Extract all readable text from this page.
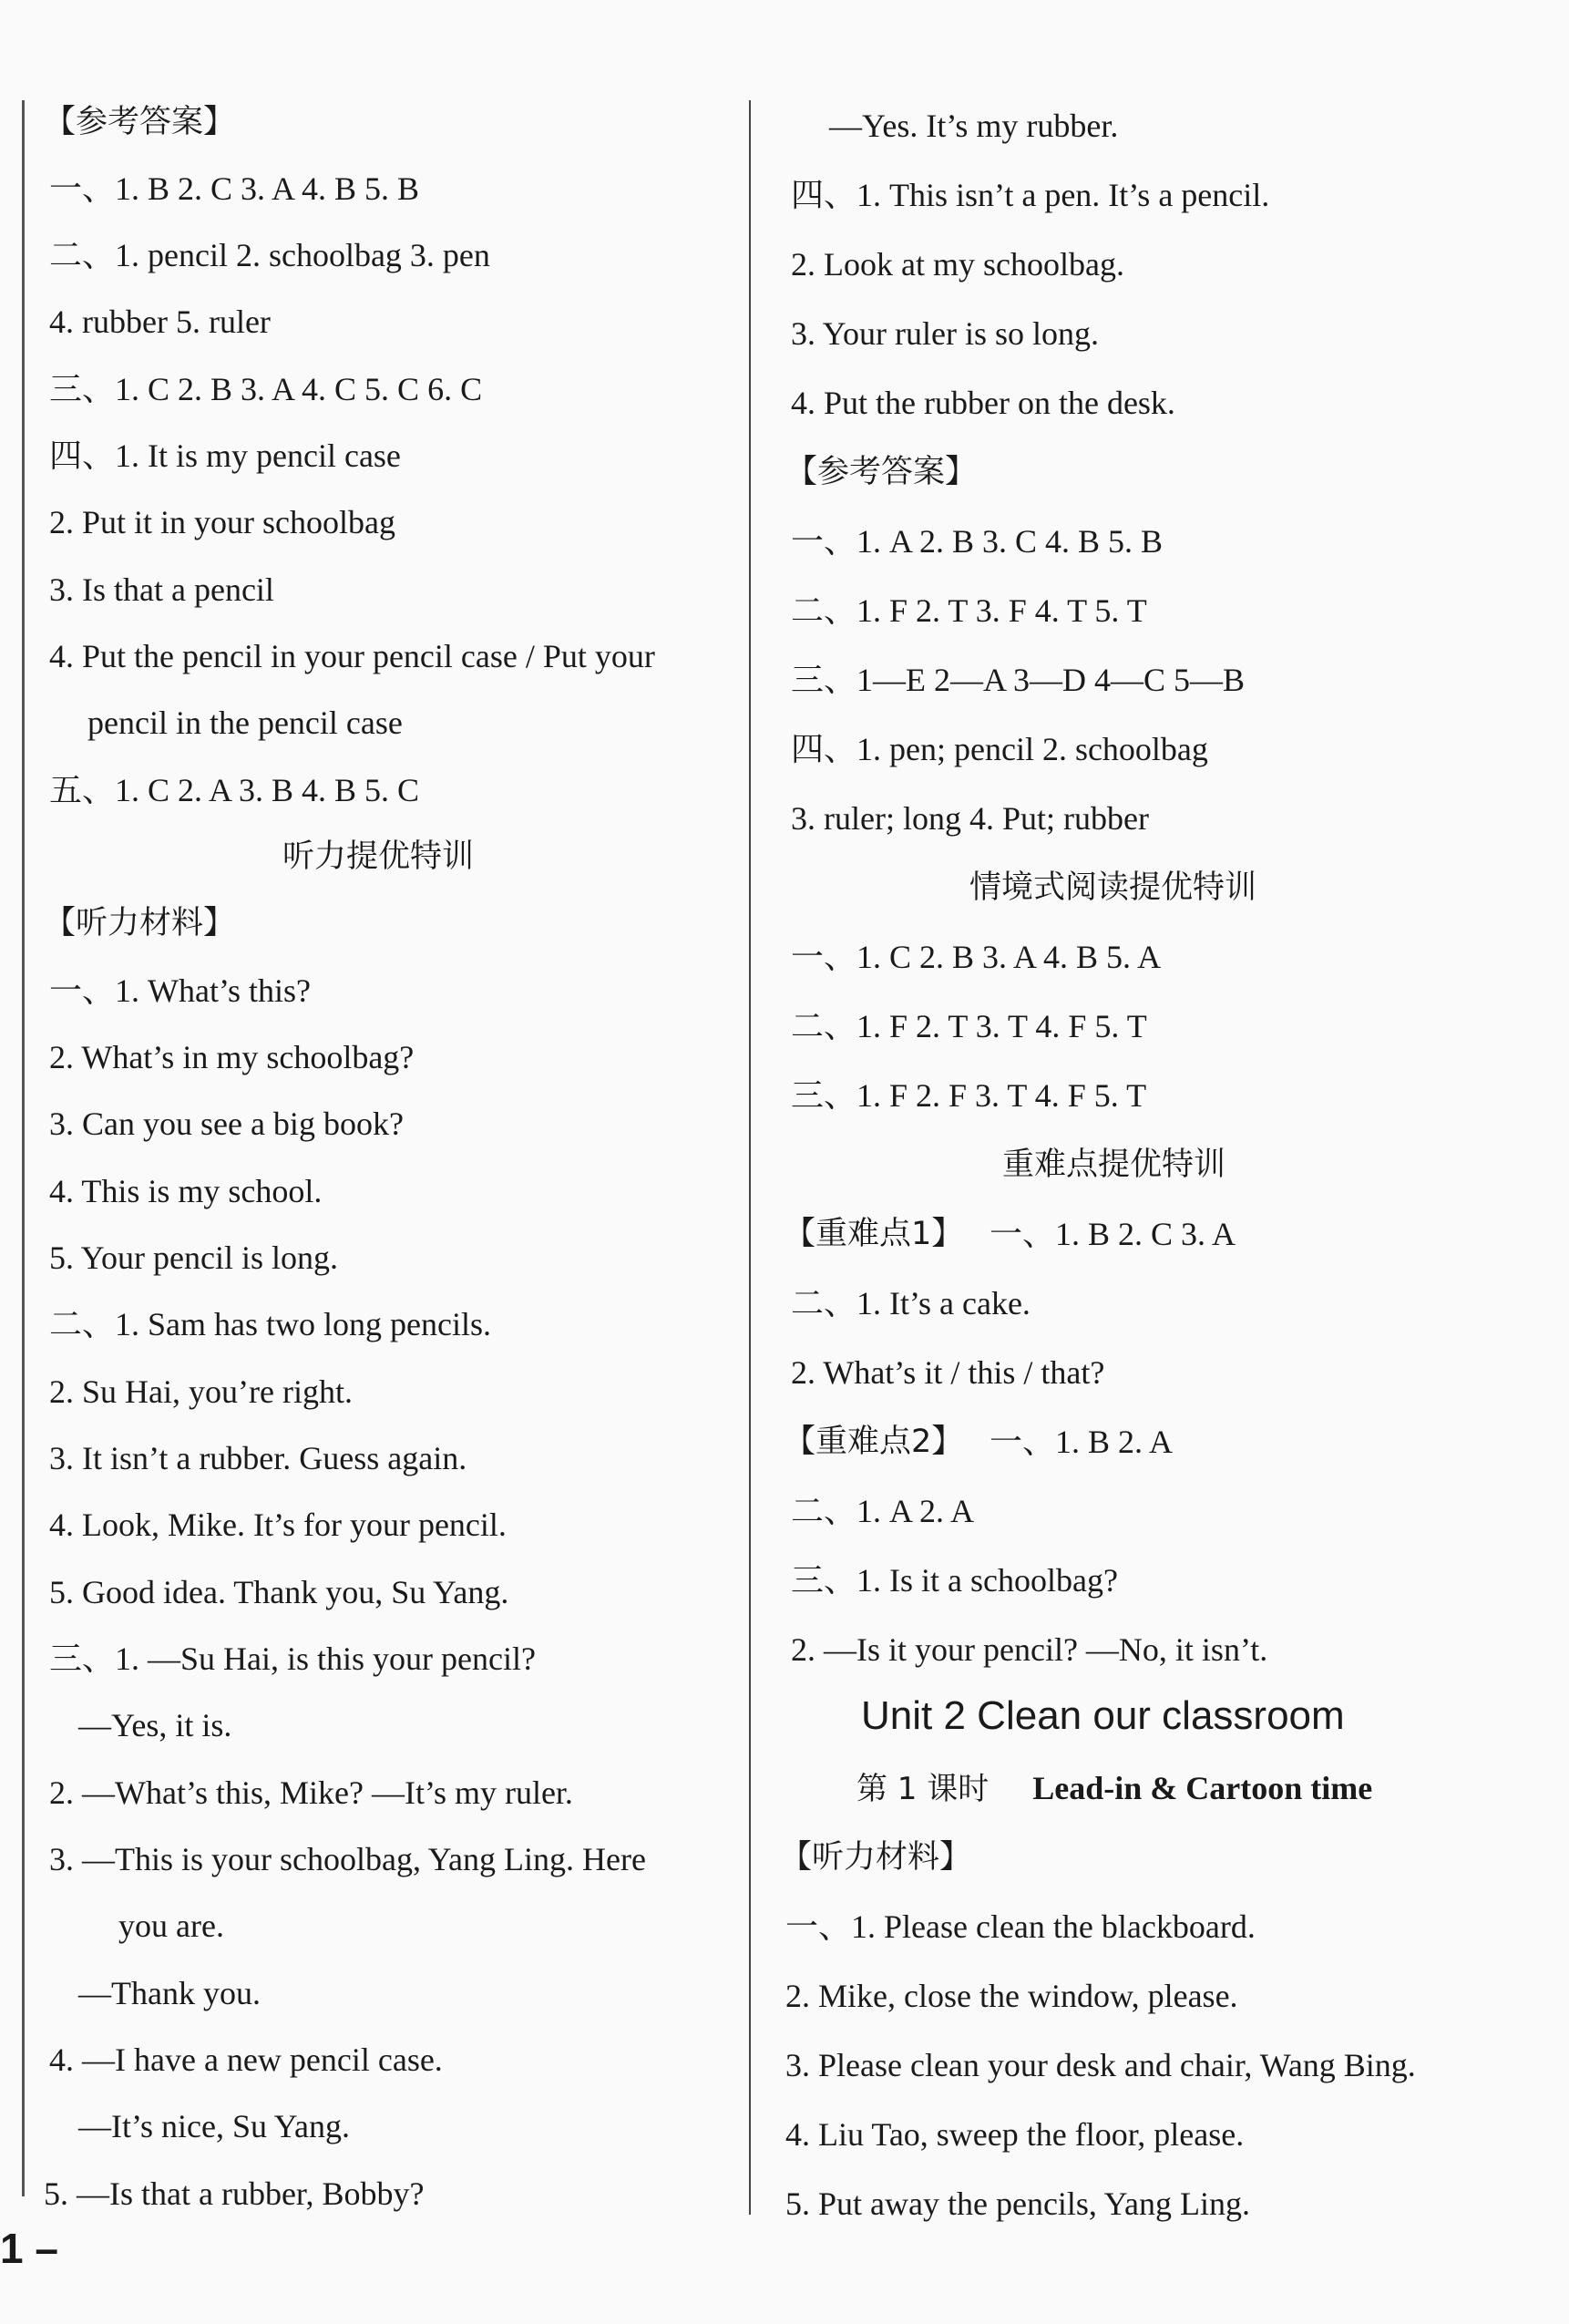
【参考答案】
一、1. B 2. C 3. A 4. B 5. B
二、1. pencil 2. schoolbag 3. pen
4. rubber 5. ruler
三、1. C 2. B 3. A 4. C 5. C 6. C
四、1. It is my pencil case
2. Put it in your schoolbag
3. Is that a pencil
4. Put the pencil in your pencil case / Put your
pencil in the pencil case
五、1. C 2. A 3. B 4. B 5. C
听力提优特训
【听力材料】
一、1. What’s this?
2. What’s in my schoolbag?
3. Can you see a big book?
4. This is my school.
5. Your pencil is long.
二、1. Sam has two long pencils.
2. Su Hai, you’re right.
3. It isn’t a rubber. Guess again.
4. Look, Mike. It’s for your pencil.
5. Good idea. Thank you, Su Yang.
三、1. —Su Hai, is this your pencil?
—Yes, it is.
2. —What’s this, Mike? —It’s my ruler.
3. —This is your schoolbag, Yang Ling. Here
you are.
—Thank you.
4. —I have a new pencil case.
—It’s nice, Su Yang.
5. —Is that a rubber, Bobby?
—Yes. It’s my rubber.
四、1. This isn’t a pen. It’s a pencil.
2. Look at my schoolbag.
3. Your ruler is so long.
4. Put the rubber on the desk.
【参考答案】
一、1. A 2. B 3. C 4. B 5. B
二、1. F 2. T 3. F 4. T 5. T
三、1—E 2—A 3—D 4—C 5—B
四、1. pen; pencil 2. schoolbag
3. ruler; long 4. Put; rubber
情境式阅读提优特训
一、1. C 2. B 3. A 4. B 5. A
二、1. F 2. T 3. T 4. F 5. T
三、1. F 2. F 3. T 4. F 5. T
重难点提优特训
【重难点1】 一、1. B 2. C 3. A
二、1. It’s a cake.
2. What’s it / this / that?
【重难点2】 一、1. B 2. A
二、1. A 2. A
三、1. Is it a schoolbag?
2. —Is it your pencil? —No, it isn’t.
Unit 2 Clean our classroom
第 1 课时 Lead-in & Cartoon time
【听力材料】
一、1. Please clean the blackboard.
2. Mike, close the window, please.
3. Please clean your desk and chair, Wang Bing.
4. Liu Tao, sweep the floor, please.
5. Put away the pencils, Yang Ling.
1 –
